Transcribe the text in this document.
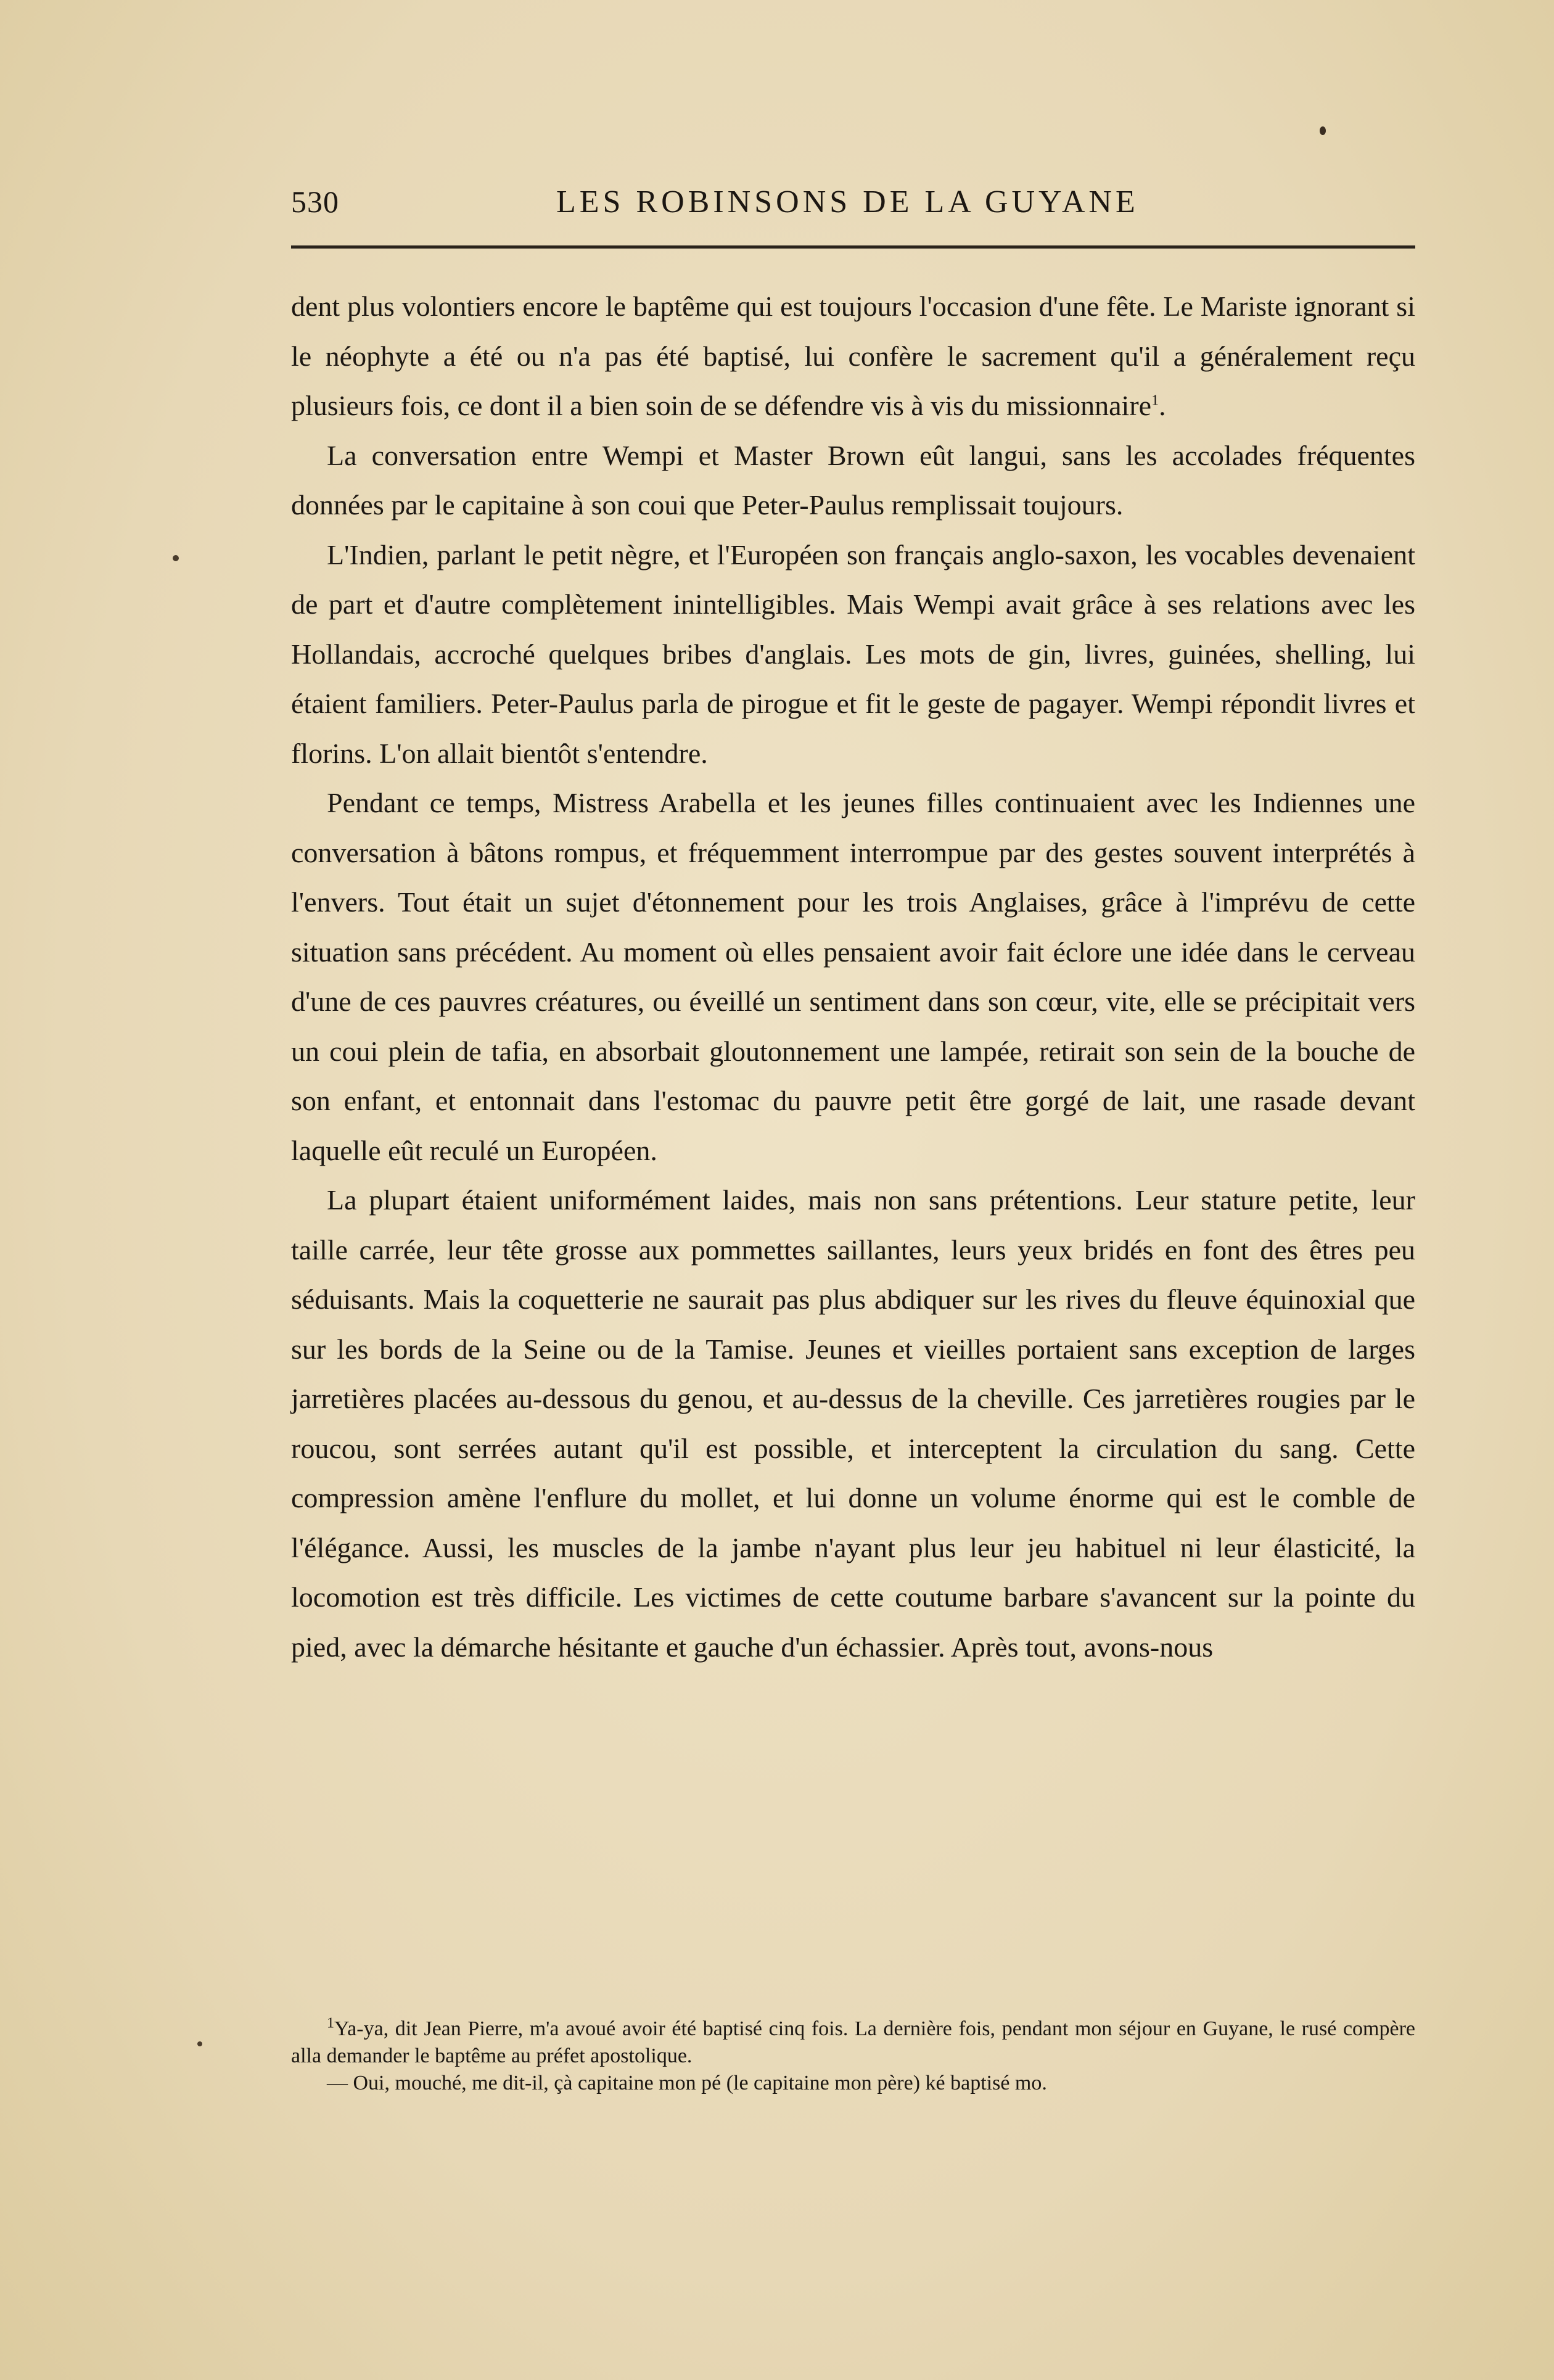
530	LES ROBINSONS DE LA GUYANE

dent plus volontiers encore le baptême qui est toujours l'occasion d'une fête. Le Mariste ignorant si le néophyte a été ou n'a pas été baptisé, lui confère le sacrement qu'il a généralement reçu plusieurs fois, ce dont il a bien soin de se défendre vis à vis du missionnaire$^1$.

La conversation entre Wempi et Master Brown eût langui, sans les accolades fréquentes données par le capitaine à son coui que Peter-Paulus remplissait toujours.

L'Indien, parlant le petit nègre, et l'Européen son français anglo-saxon, les vocables devenaient de part et d'autre complètement inintelligibles. Mais Wempi avait grâce à ses relations avec les Hollandais, accroché quelques bribes d'anglais. Les mots de gin, livres, guinées, shelling, lui étaient familiers. Peter-Paulus parla de pirogue et fit le geste de pagayer. Wempi répondit livres et florins. L'on allait bientôt s'entendre.

Pendant ce temps, Mistress Arabella et les jeunes filles continuaient avec les Indiennes une conversation à bâtons rompus, et fréquemment interrompue par des gestes souvent interprétés à l'envers. Tout était un sujet d'étonnement pour les trois Anglaises, grâce à l'imprévu de cette situation sans précédent. Au moment où elles pensaient avoir fait éclore une idée dans le cerveau d'une de ces pauvres créatures, ou éveillé un sentiment dans son cœur, vite, elle se précipitait vers un coui plein de tafia, en absorbait gloutonnement une lampée, retirait son sein de la bouche de son enfant, et entonnait dans l'estomac du pauvre petit être gorgé de lait, une rasade devant laquelle eût reculé un Européen.

La plupart étaient uniformément laides, mais non sans prétentions. Leur stature petite, leur taille carrée, leur tête grosse aux pommettes saillantes, leurs yeux bridés en font des êtres peu séduisants. Mais la coquetterie ne saurait pas plus abdiquer sur les rives du fleuve équinoxial que sur les bords de la Seine ou de la Tamise. Jeunes et vieilles portaient sans exception de larges jarretières placées au-dessous du genou, et au-dessus de la cheville. Ces jarretières rougies par le roucou, sont serrées autant qu'il est possible, et interceptent la circulation du sang. Cette compression amène l'enflure du mollet, et lui donne un volume énorme qui est le comble de l'élégance. Aussi, les muscles de la jambe n'ayant plus leur jeu habituel ni leur élasticité, la locomotion est très difficile. Les victimes de cette coutume barbare s'avancent sur la pointe du pied, avec la démarche hésitante et gauche d'un échassier. Après tout, avons-nous

$^1$Ya-ya, dit Jean Pierre, m'a avoué avoir été baptisé cinq fois. La dernière fois, pendant mon séjour en Guyane, le rusé compère alla demander le baptême au préfet apostolique.

— Oui, mouché, me dit-il, çà capitaine mon pé (le capitaine mon père) ké baptisé mo.
